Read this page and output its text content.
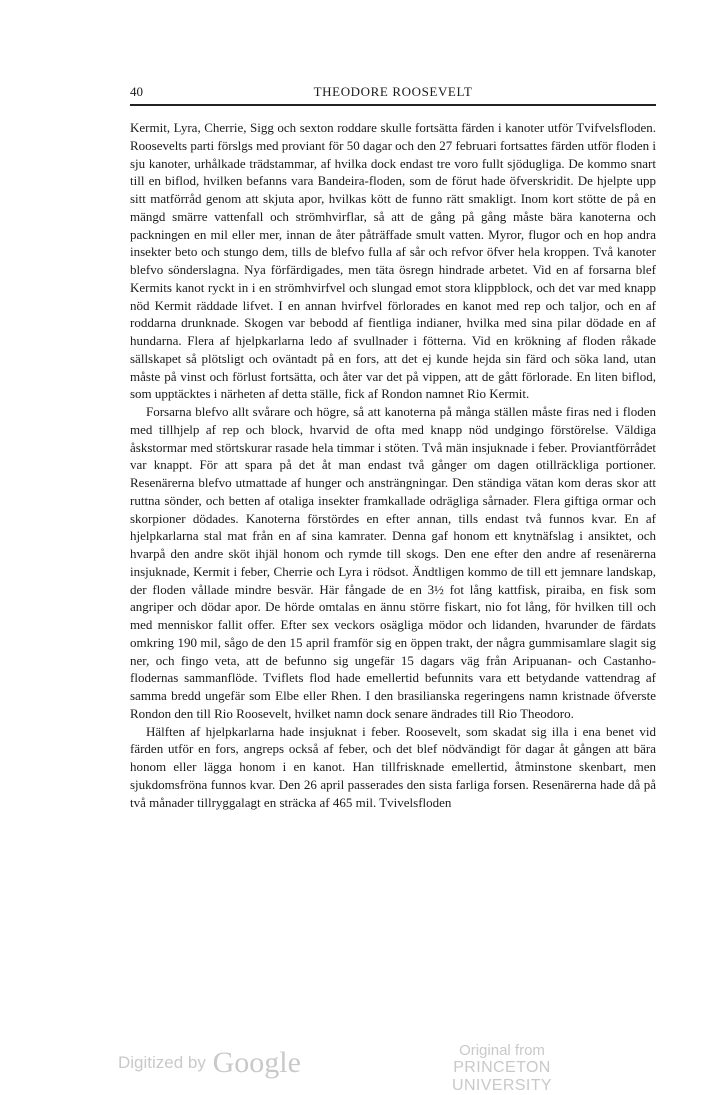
40	THEODORE ROOSEVELT

Kermit, Lyra, Cherrie, Sigg och sexton roddare skulle fortsätta färden i kanoter utför Tvifvelsfloden. Roosevelts parti förslgs med proviant för 50 dagar och den 27 februari fortsattes färden utför floden i sju kanoter, urhålkade trädstammar, af hvilka dock endast tre voro fullt sjödugliga. De kommo snart till en biflod, hvilken befanns vara Bandeira-floden, som de förut hade öfverskridit. De hjelpte upp sitt matförråd genom att skjuta apor, hvilkas kött de funno rätt smakligt. Inom kort stötte de på en mängd smärre vattenfall och strömhvirflar, så att de gång på gång måste bära kanoterna och packningen en mil eller mer, innan de åter påträffade smult vatten. Myror, flugor och en hop andra insekter beto och stungo dem, tills de blefvo fulla af sår och refvor öfver hela kroppen. Två kanoter blefvo sönderslagna. Nya förfärdigades, men täta ösregn hindrade arbetet. Vid en af forsarna blef Kermits kanot ryckt in i en strömhvirfvel och slungad emot stora klippblock, och det var med knapp nöd Kermit räddade lifvet. I en annan hvirfvel förlorades en kanot med rep och taljor, och en af roddarna drunknade. Skogen var bebodd af fientliga indianer, hvilka med sina pilar dödade en af hundarna. Flera af hjelpkarlarna ledo af svullnader i fötterna. Vid en krökning af floden råkade sällskapet så plötsligt och oväntadt på en fors, att det ej kunde hejda sin färd och söka land, utan måste på vinst och förlust fortsätta, och åter var det på vippen, att de gått förlorade. En liten biflod, som upptäcktes i närheten af detta ställe, fick af Rondon namnet Rio Kermit.

Forsarna blefvo allt svårare och högre, så att kanoterna på många ställen måste firas ned i floden med tillhjelp af rep och block, hvarvid de ofta med knapp nöd undgingo förstörelse. Väldiga åskstormar med störtskurar rasade hela timmar i stöten. Två män insjuknade i feber. Proviantförrådet var knappt. För att spara på det åt man endast två gånger om dagen otillräckliga portioner. Resenärerna blefvo utmattade af hunger och ansträngningar. Den ständiga vätan kom deras skor att ruttna sönder, och betten af otaliga insekter framkallade odrägliga sårnader. Flera giftiga ormar och skorpioner dödades. Kanoterna förstördes en efter annan, tills endast två funnos kvar. En af hjelpkarlarna stal mat från en af sina kamrater. Denna gaf honom ett knytnäfslag i ansiktet, och hvarpå den andre sköt ihjäl honom och rymde till skogs. Den ene efter den andre af resenärerna insjuknade, Kermit i feber, Cherrie och Lyra i rödsot. Ändtligen kommo de till ett jemnare landskap, der floden vållade mindre besvär. Här fångade de en 3½ fot lång kattfisk, piraiba, en fisk som angriper och dödar apor. De hörde omtalas en ännu större fiskart, nio fot lång, för hvilken till och med menniskor fallit offer. Efter sex veckors osägliga mödor och lidanden, hvarunder de färdats omkring 190 mil, sågo de den 15 april framför sig en öppen trakt, der några gummisamlare slagit sig ner, och fingo veta, att de befunno sig ungefär 15 dagars väg från Aripuanan- och Castanho-flodernas sammanflöde. Tviflets flod hade emellertid befunnits vara ett betydande vattendrag af samma bredd ungefär som Elbe eller Rhen. I den brasilianska regeringens namn kristnade öfverste Rondon den till Rio Roosevelt, hvilket namn dock senare ändrades till Rio Theodoro.

Hälften af hjelpkarlarna hade insjuknat i feber. Roosevelt, som skadat sig illa i ena benet vid färden utför en fors, angreps också af feber, och det blef nödvändigt för dagar åt gången att bära honom eller lägga honom i en kanot. Han tillfrisknade emellertid, åtminstone skenbart, men sjukdomsfröna funnos kvar. Den 26 april passerades den sista farliga forsen. Resenärerna hade då på två månader tillryggalagt en sträcka af 465 mil. Tvivelsfloden

Digitized by Google	Original from
PRINCETON UNIVERSITY
